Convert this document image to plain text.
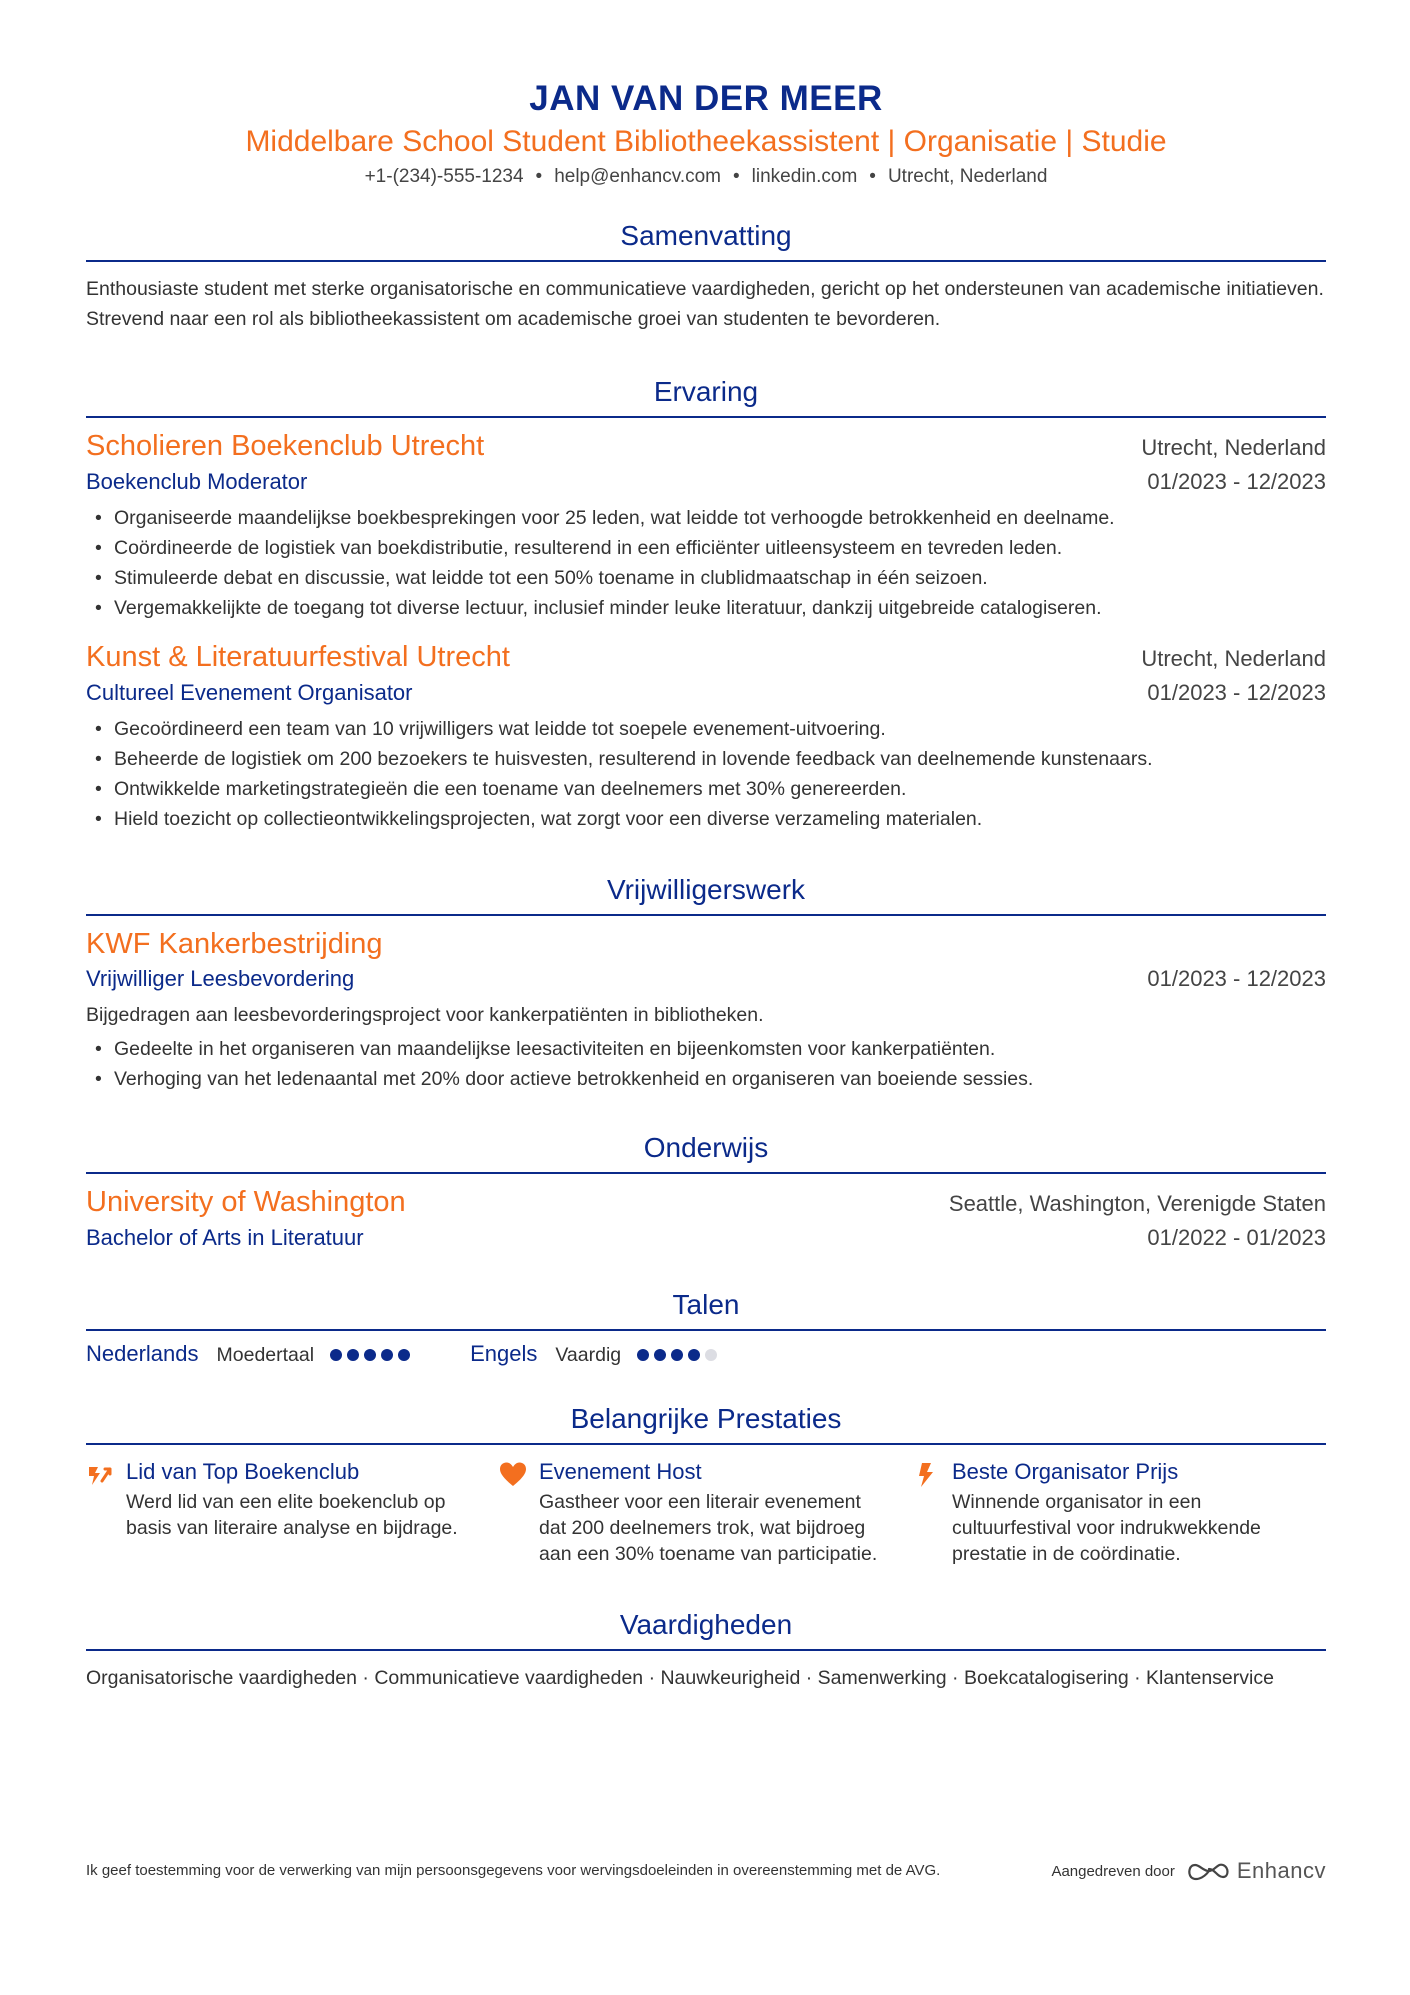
JAN VAN DER MEER
Middelbare School Student Bibliotheekassistent | Organisatie | Studie
+1-(234)-555-1234 • help@enhancv.com • linkedin.com • Utrecht, Nederland
Samenvatting
Enthousiaste student met sterke organisatorische en communicatieve vaardigheden, gericht op het ondersteunen van academische initiatieven. Strevend naar een rol als bibliotheekassistent om academische groei van studenten te bevorderen.
Ervaring
Scholieren Boekenclub Utrecht	Utrecht, Nederland
Boekenclub Moderator	01/2023 - 12/2023
• Organiseerde maandelijkse boekbesprekingen voor 25 leden, wat leidde tot verhoogde betrokkenheid en deelname.
• Coördineerde de logistiek van boekdistributie, resulterend in een efficiënter uitleensysteem en tevreden leden.
• Stimuleerde debat en discussie, wat leidde tot een 50% toename in clublidmaatschap in één seizoen.
• Vergemakkelijkte de toegang tot diverse lectuur, inclusief minder leuke literatuur, dankzij uitgebreide catalogiseren.
Kunst & Literatuurfestival Utrecht	Utrecht, Nederland
Cultureel Evenement Organisator	01/2023 - 12/2023
• Gecoördineerd een team van 10 vrijwilligers wat leidde tot soepele evenement-uitvoering.
• Beheerde de logistiek om 200 bezoekers te huisvesten, resulterend in lovende feedback van deelnemende kunstenaars.
• Ontwikkelde marketingstrategieën die een toename van deelnemers met 30% genereerden.
• Hield toezicht op collectieontwikkelingsprojecten, wat zorgt voor een diverse verzameling materialen.
Vrijwilligerswerk
KWF Kankerbestrijding
Vrijwilliger Leesbevordering	01/2023 - 12/2023
Bijgedragen aan leesbevorderingsproject voor kankerpatiënten in bibliotheken.
• Gedeelte in het organiseren van maandelijkse leesactiviteiten en bijeenkomsten voor kankerpatiënten.
• Verhoging van het ledenaantal met 20% door actieve betrokkenheid en organiseren van boeiende sessies.
Onderwijs
University of Washington	Seattle, Washington, Verenigde Staten
Bachelor of Arts in Literatuur	01/2022 - 01/2023
Talen
Nederlands Moedertaal	Engels Vaardig
Belangrijke Prestaties
Lid van Top Boekenclub
Werd lid van een elite boekenclub op basis van literaire analyse en bijdrage.
Evenement Host
Gastheer voor een literair evenement dat 200 deelnemers trok, wat bijdroeg aan een 30% toename van participatie.
Beste Organisator Prijs
Winnende organisator in een cultuurfestival voor indrukwekkende prestatie in de coördinatie.
Vaardigheden
Organisatorische vaardigheden · Communicatieve vaardigheden · Nauwkeurigheid · Samenwerking · Boekcatalogisering · Klantenservice
Ik geef toestemming voor de verwerking van mijn persoonsgegevens voor wervingsdoeleinden in overeenstemming met de AVG.	Aangedreven door	Enhancv
